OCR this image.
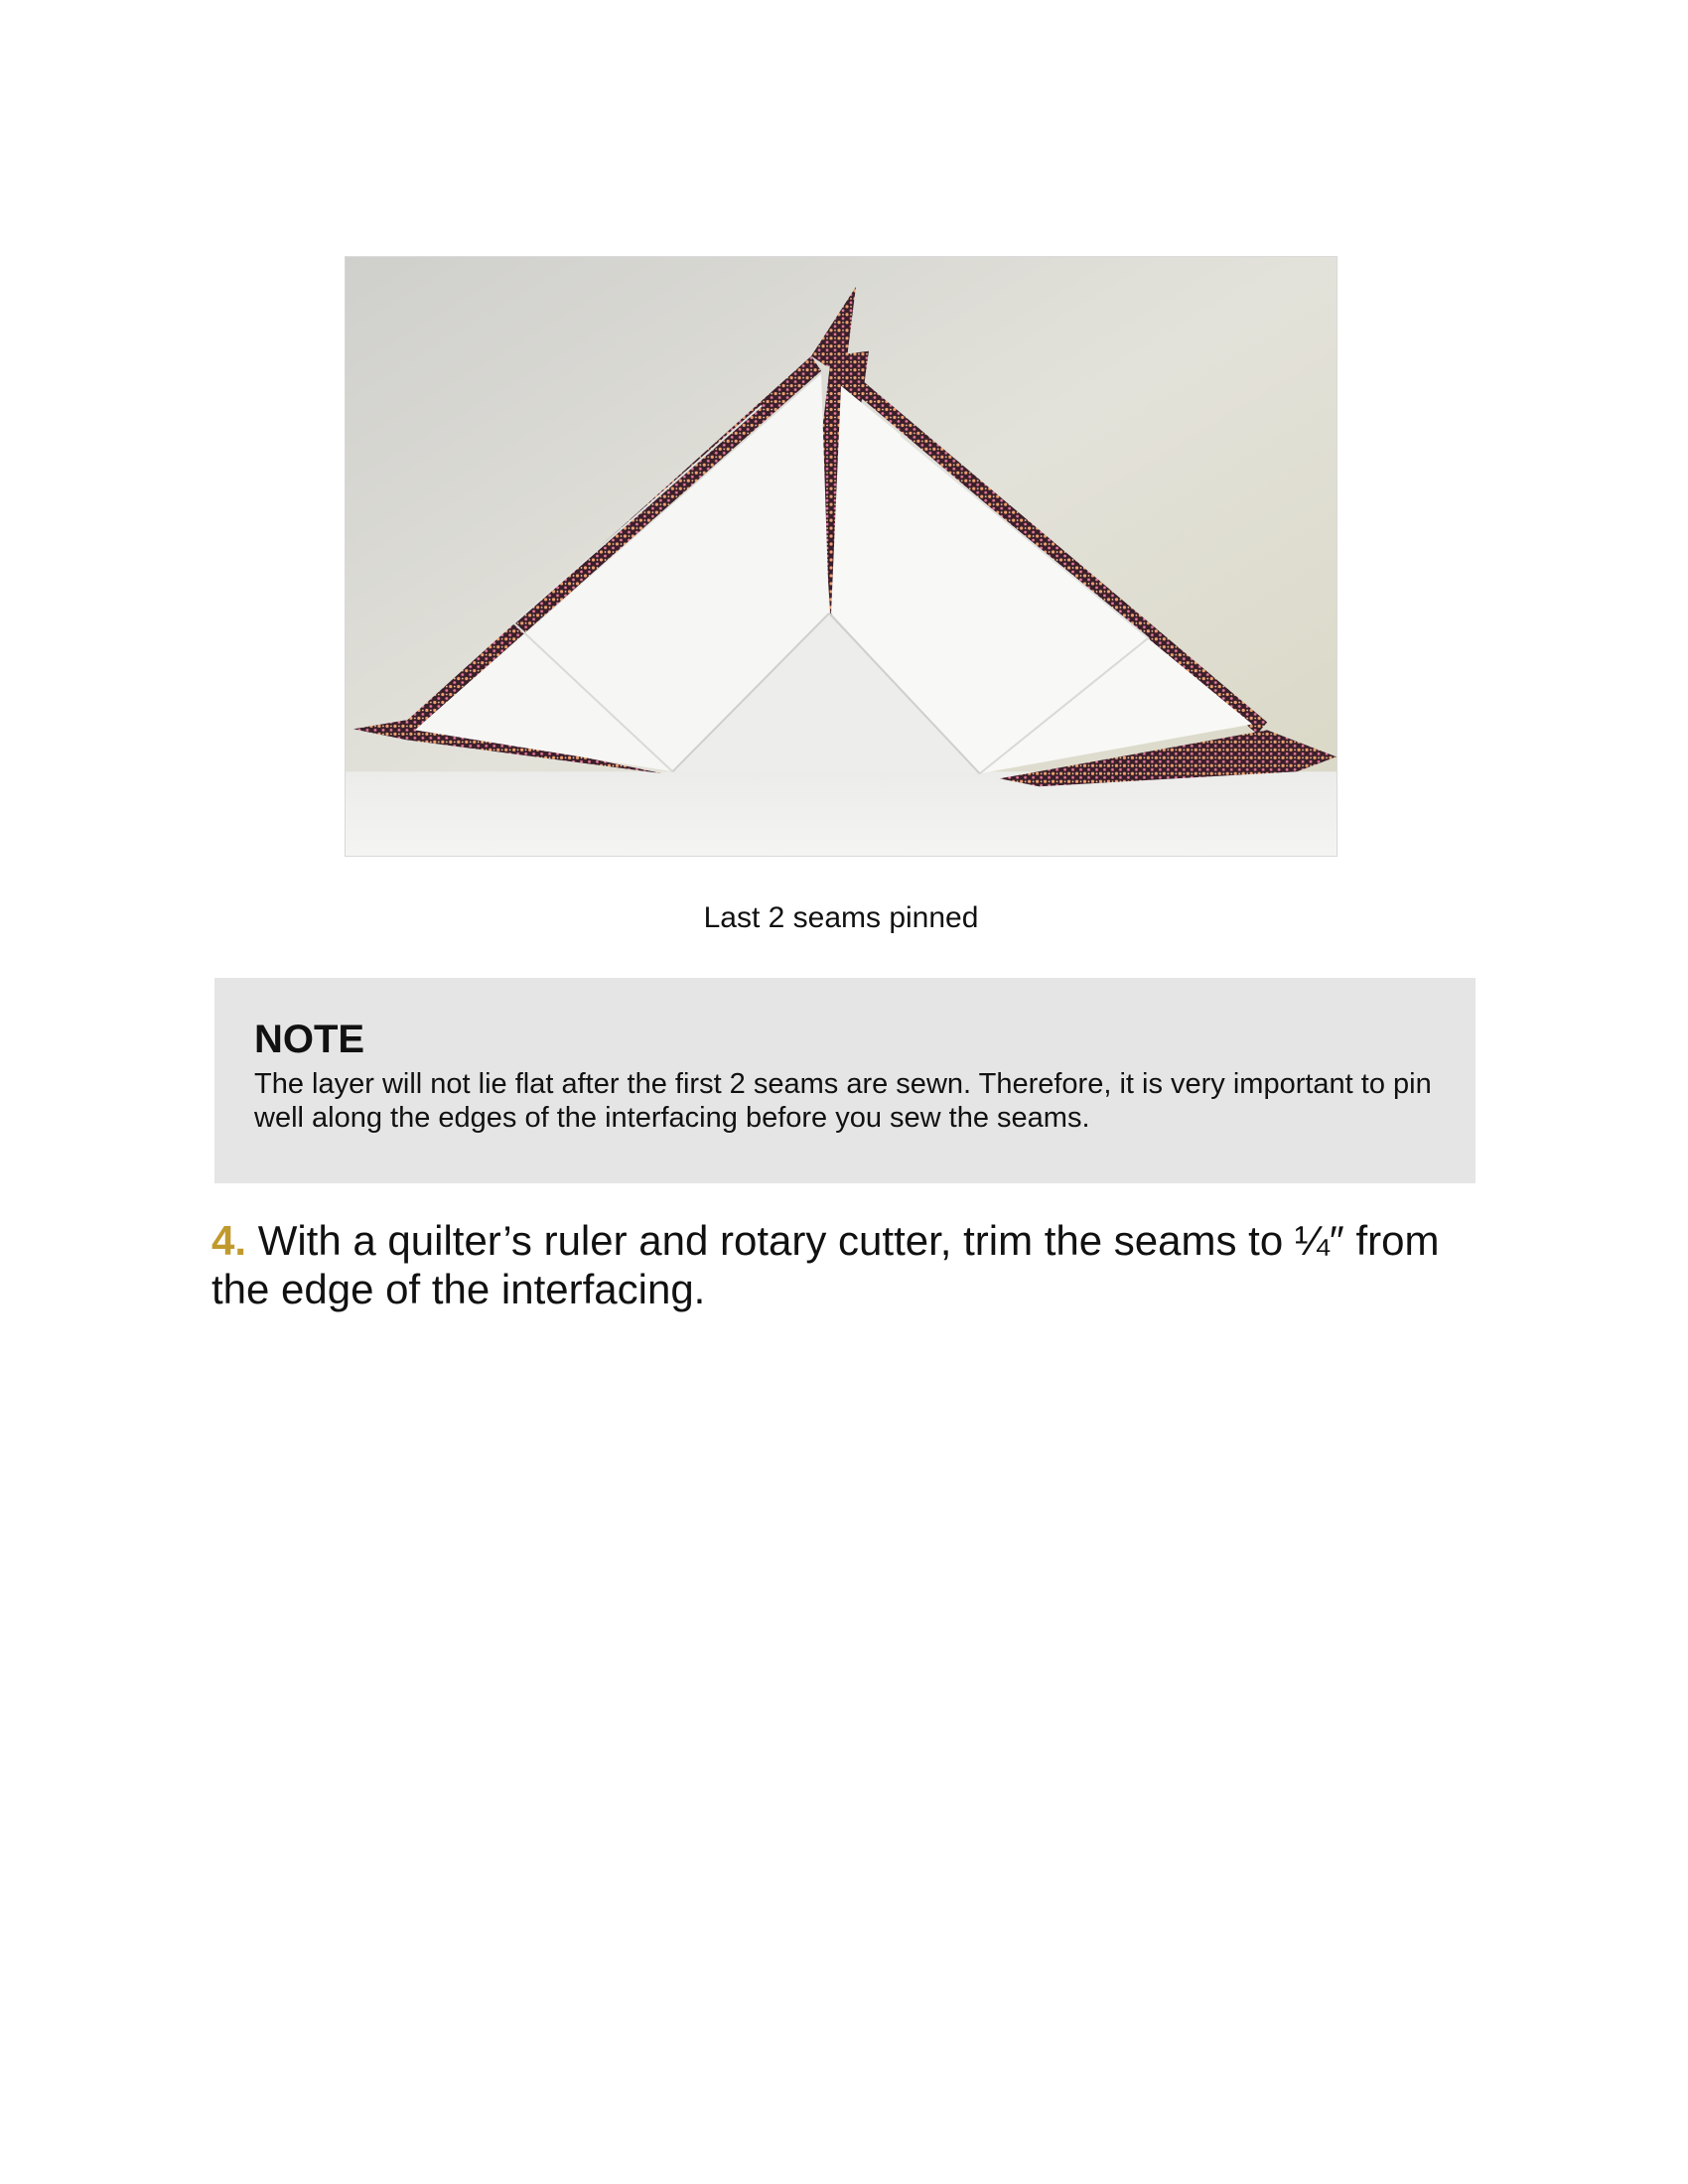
Last 2 seams pinned
NOTE
The layer will not lie flat after the first 2 seams are sewn. Therefore, it is very important to pin well along the edges of the interfacing before you sew the seams.
4. With a quilter’s ruler and rotary cutter, trim the seams to ¼″ from the edge of the interfacing.
